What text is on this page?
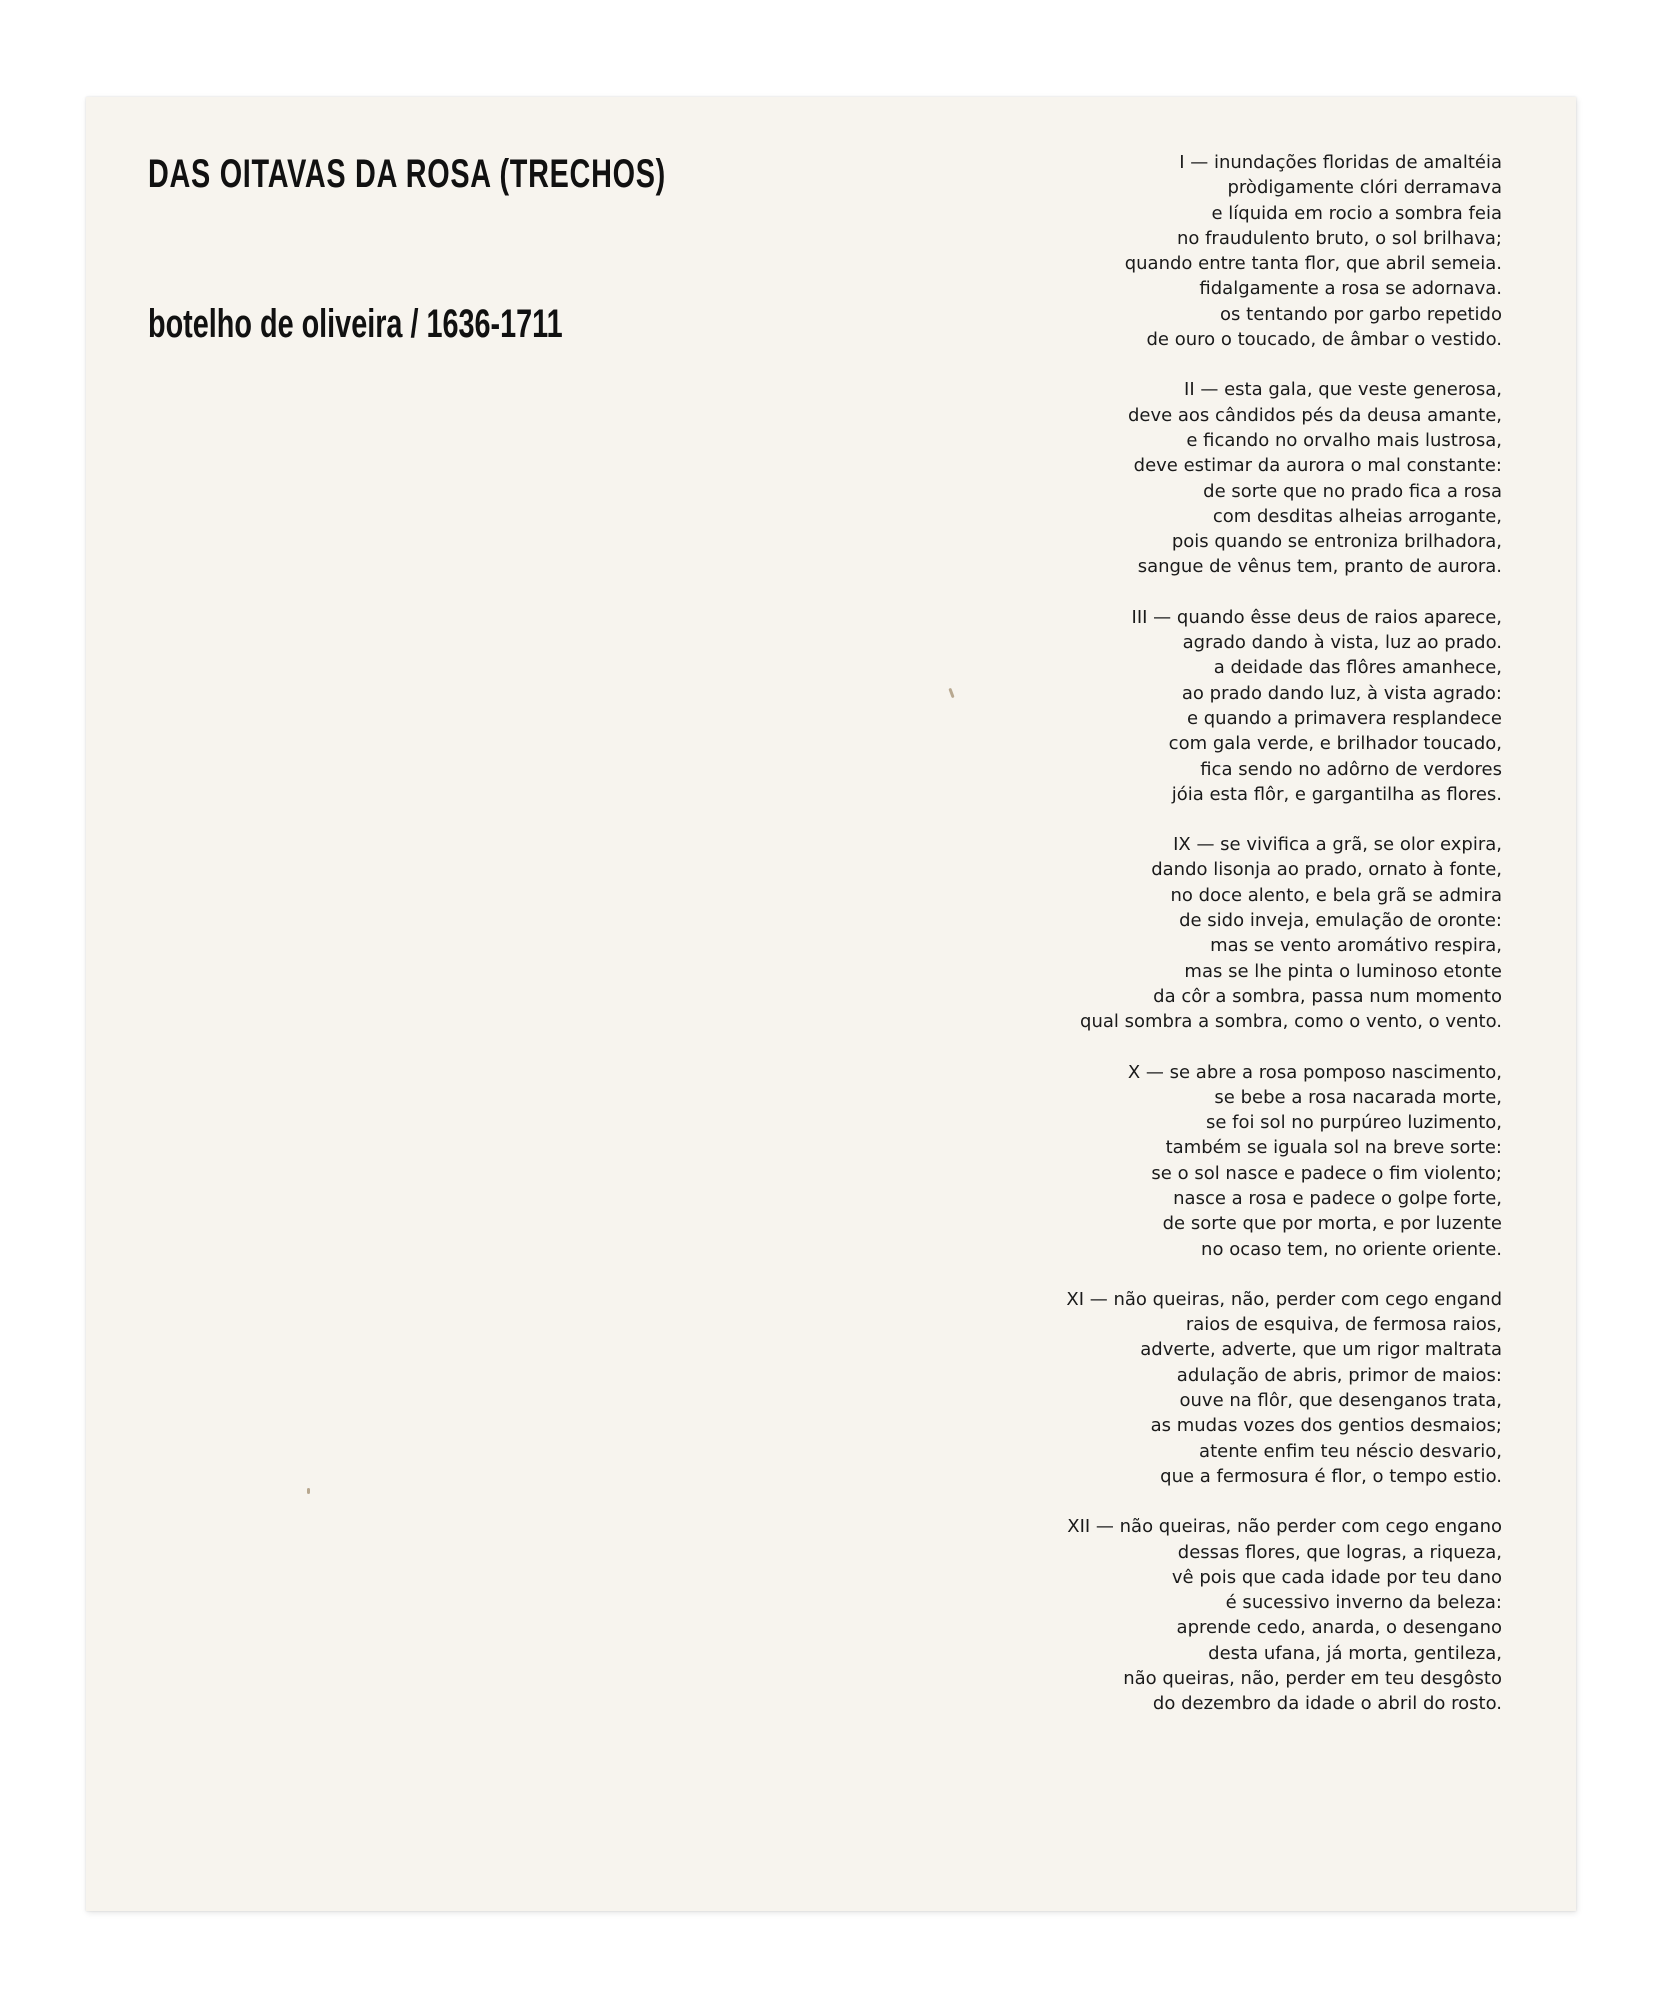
DAS OITAVAS DA ROSA (TRECHOS)
botelho de oliveira / 1636-1711
I — inundações floridas de amaltéia
pròdigamente clóri derramava
e líquida em rocio a sombra feia
no fraudulento bruto, o sol brilhava;
quando entre tanta flor, que abril semeia.
fidalgamente a rosa se adornava.
os tentando por garbo repetido
de ouro o toucado, de âmbar o vestido.
II — esta gala, que veste generosa,
deve aos cândidos pés da deusa amante,
e ficando no orvalho mais lustrosa,
deve estimar da aurora o mal constante:
de sorte que no prado fica a rosa
com desditas alheias arrogante,
pois quando se entroniza brilhadora,
sangue de vênus tem, pranto de aurora.
III — quando êsse deus de raios aparece,
agrado dando à vista, luz ao prado.
a deidade das flôres amanhece,
ao prado dando luz, à vista agrado:
e quando a primavera resplandece
com gala verde, e brilhador toucado,
fica sendo no adôrno de verdores
jóia esta flôr, e gargantilha as flores.
IX — se vivifica a grã, se olor expira,
dando lisonja ao prado, ornato à fonte,
no doce alento, e bela grã se admira
de sido inveja, emulação de oronte:
mas se vento aromátivo respira,
mas se lhe pinta o luminoso etonte
da côr a sombra, passa num momento
qual sombra a sombra, como o vento, o vento.
X — se abre a rosa pomposo nascimento,
se bebe a rosa nacarada morte,
se foi sol no purpúreo luzimento,
também se iguala sol na breve sorte:
se o sol nasce e padece o fim violento;
nasce a rosa e padece o golpe forte,
de sorte que por morta, e por luzente
no ocaso tem, no oriente oriente.
XI — não queiras, não, perder com cego engand
raios de esquiva, de fermosa raios,
adverte, adverte, que um rigor maltrata
adulação de abris, primor de maios:
ouve na flôr, que desenganos trata,
as mudas vozes dos gentios desmaios;
atente enfim teu néscio desvario,
que a fermosura é flor, o tempo estio.
XII — não queiras, não perder com cego engano
dessas flores, que logras, a riqueza,
vê pois que cada idade por teu dano
é sucessivo inverno da beleza:
aprende cedo, anarda, o desengano
desta ufana, já morta, gentileza,
não queiras, não, perder em teu desgôsto
do dezembro da idade o abril do rosto.
